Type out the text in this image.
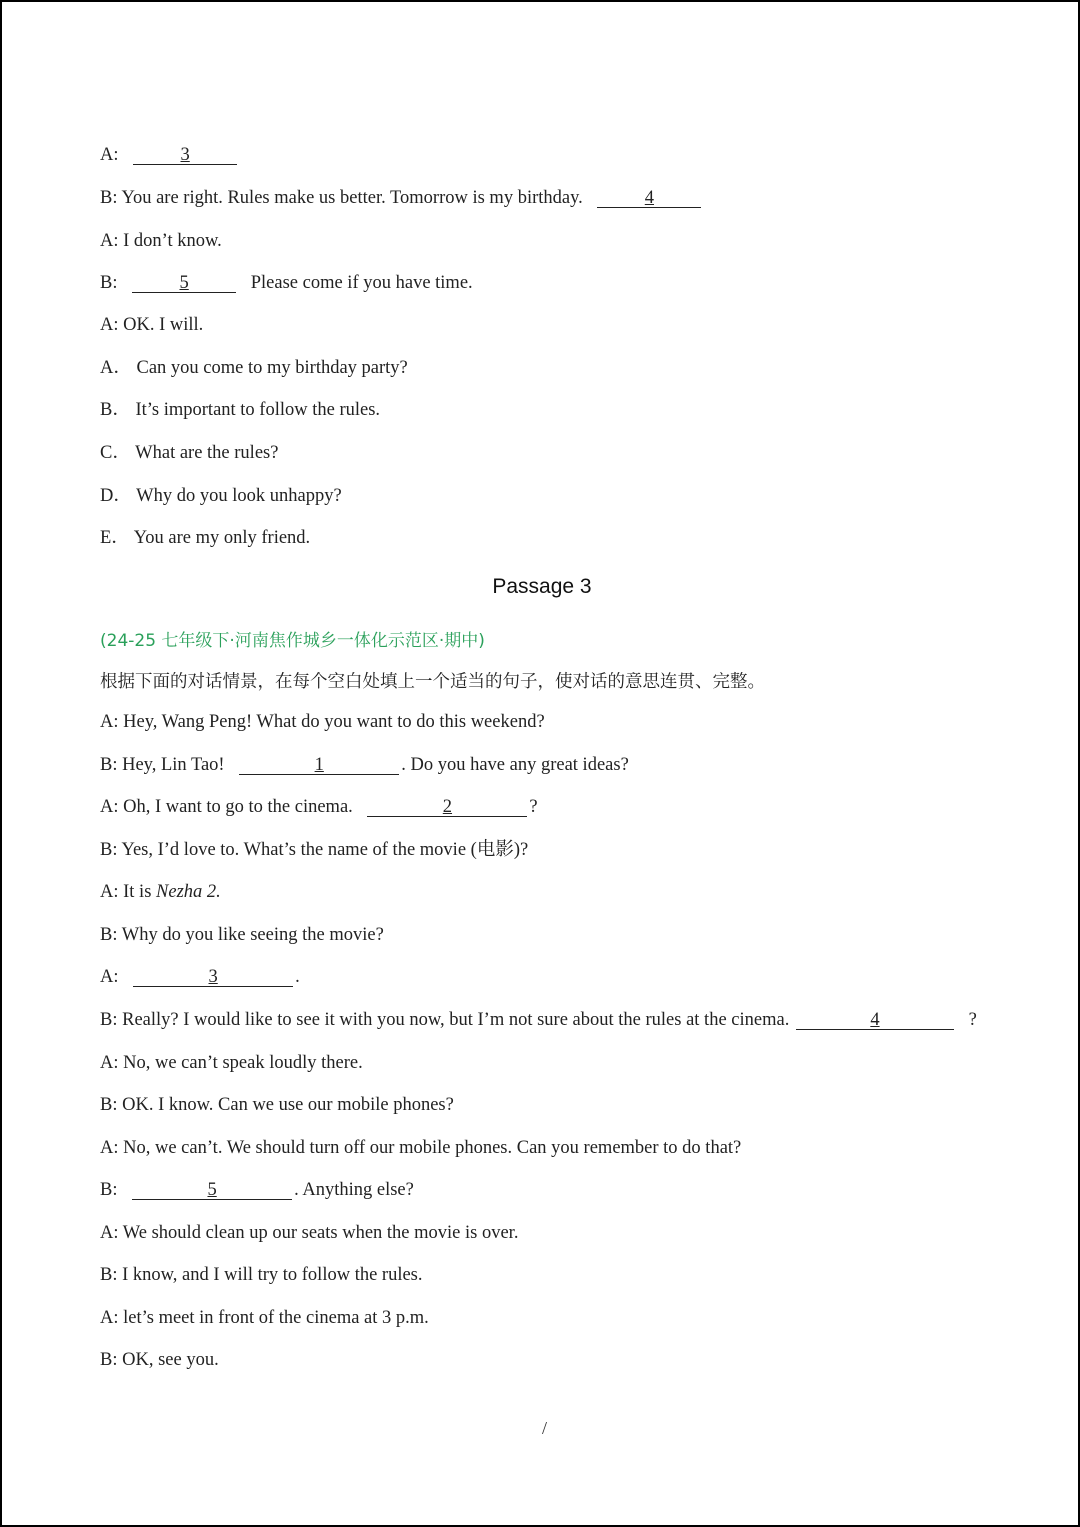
A:	3
B: You are right. Rules make us better. Tomorrow is my birthday.	4
A: I don’t know.
B:	5	Please come if you have time.
A: OK. I will.
A． Can you come to my birthday party?
B． It’s important to follow the rules.
C． What are the rules?
D． Why do you look unhappy?
E． You are my only friend.
Passage 3
(24-25 七年级下·河南焦作城乡一体化示范区·期中)
根据下面的对话情景，在每个空白处填上一个适当的句子，使对话的意思连贯、完整。
A: Hey, Wang Peng! What do you want to do this weekend?
B: Hey, Lin Tao!	1	. Do you have any great ideas?
A: Oh, I want to go to the cinema.	2	?
B: Yes, I’d love to. What’s the name of the movie (电影)?
A: It is Nezha 2.
B: Why do you like seeing the movie?
A:	3	.
B: Really? I would like to see it with you now, but I’m not sure about the rules at the cinema.	4	?
A: No, we can’t speak loudly there.
B: OK. I know. Can we use our mobile phones?
A: No, we can’t. We should turn off our mobile phones. Can you remember to do that?
B:	5	. Anything else?
A: We should clean up our seats when the movie is over.
B: I know, and I will try to follow the rules.
A: let’s meet in front of the cinema at 3 p.m.
B: OK, see you.
/
